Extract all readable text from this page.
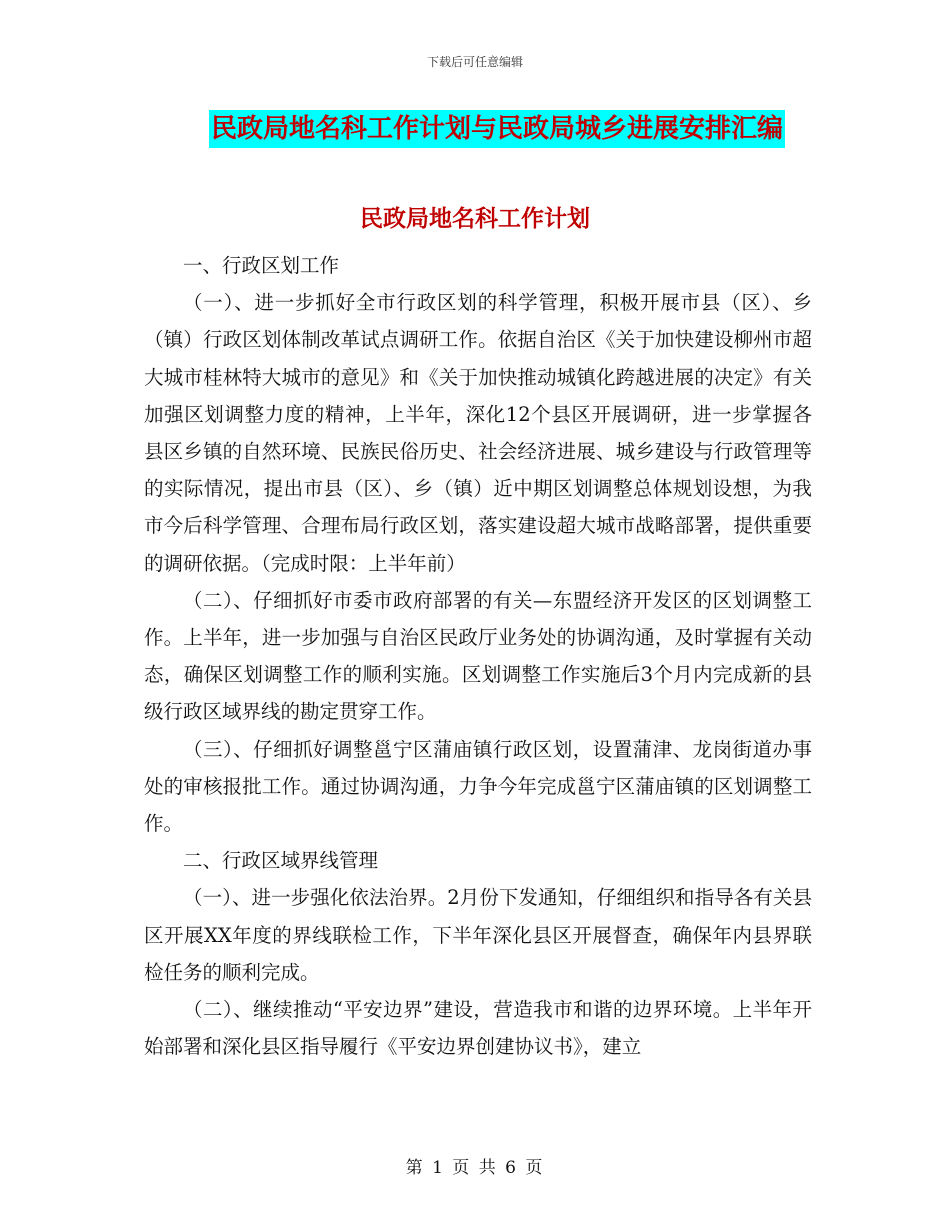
下载后可任意编辑
民政局地名科工作计划与民政局城乡进展安排汇编
民政局地名科工作计划

一、行政区划工作

（一）、进一步抓好全市行政区划的科学管理，积极开展市县（区）、乡（镇）行政区划体制改革试点调研工作。依据自治区《关于加快建设柳州市超大城市桂林特大城市的意见》和《关于加快推动城镇化跨越进展的决定》有关加强区划调整力度的精神，上半年，深化12个县区开展调研，进一步掌握各县区乡镇的自然环境、民族民俗历史、社会经济进展、城乡建设与行政管理等的实际情况，提出市县（区）、乡（镇）近中期区划调整总体规划设想，为我市今后科学管理、合理布局行政区划，落实建设超大城市战略部署，提供重要的调研依据。（完成时限：上半年前）

（二）、仔细抓好市委市政府部署的有关—东盟经济开发区的区划调整工作。上半年，进一步加强与自治区民政厅业务处的协调沟通，及时掌握有关动态，确保区划调整工作的顺利实施。区划调整工作实施后3个月内完成新的县级行政区域界线的勘定贯穿工作。

（三）、仔细抓好调整邕宁区蒲庙镇行政区划，设置蒲津、龙岗街道办事处的审核报批工作。通过协调沟通，力争今年完成邕宁区蒲庙镇的区划调整工作。

二、行政区域界线管理

（一）、进一步强化依法治界。2月份下发通知，仔细组织和指导各有关县区开展XX年度的界线联检工作，下半年深化县区开展督查，确保年内县界联检任务的顺利完成。

（二）、继续推动“平安边界”建设，营造我市和谐的边界环境。上半年开始部署和深化县区指导履行《平安边界创建协议书》，建立

第 1 页 共 6 页
